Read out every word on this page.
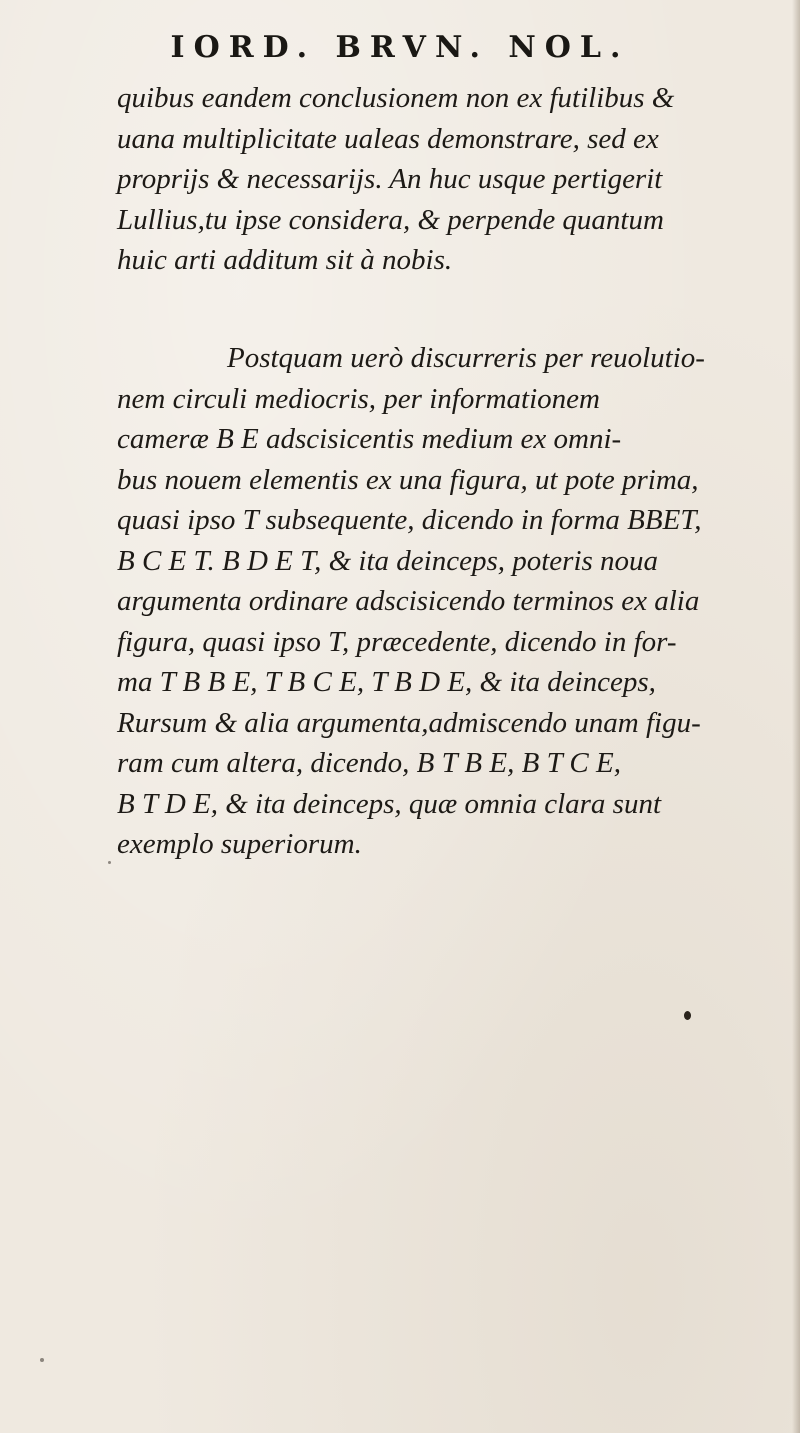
IORD. BRVN. NOL.
quibus eandem conclusionem non ex futilibus &
uana multiplicitate ualeas demonstrare, sed ex
proprijs & necessarijs. An huc usque pertigerit
Lullius,tu ipse considera, & perpende quantum
huic arti additum sit à nobis.
Postquam uerò discurreris per reuolutio-
nem circuli mediocris, per informationem
cameræ B E adscisicentis medium ex omni-
bus nouem elementis ex una figura, ut pote prima,
quasi ipso T subsequente, dicendo in forma BBET,
B C E T. B D E T, & ita deinceps, poteris noua
argumenta ordinare adscisicendo terminos ex alia
figura, quasi ipso T, præcedente, dicendo in for-
ma T B B E, T B C E, T B D E, & ita deinceps,
Rursum & alia argumenta,admiscendo unam figu-
ram cum altera, dicendo, B T B E, B T C E,
B T D E, & ita deinceps, quæ omnia clara sunt
exemplo superiorum.
